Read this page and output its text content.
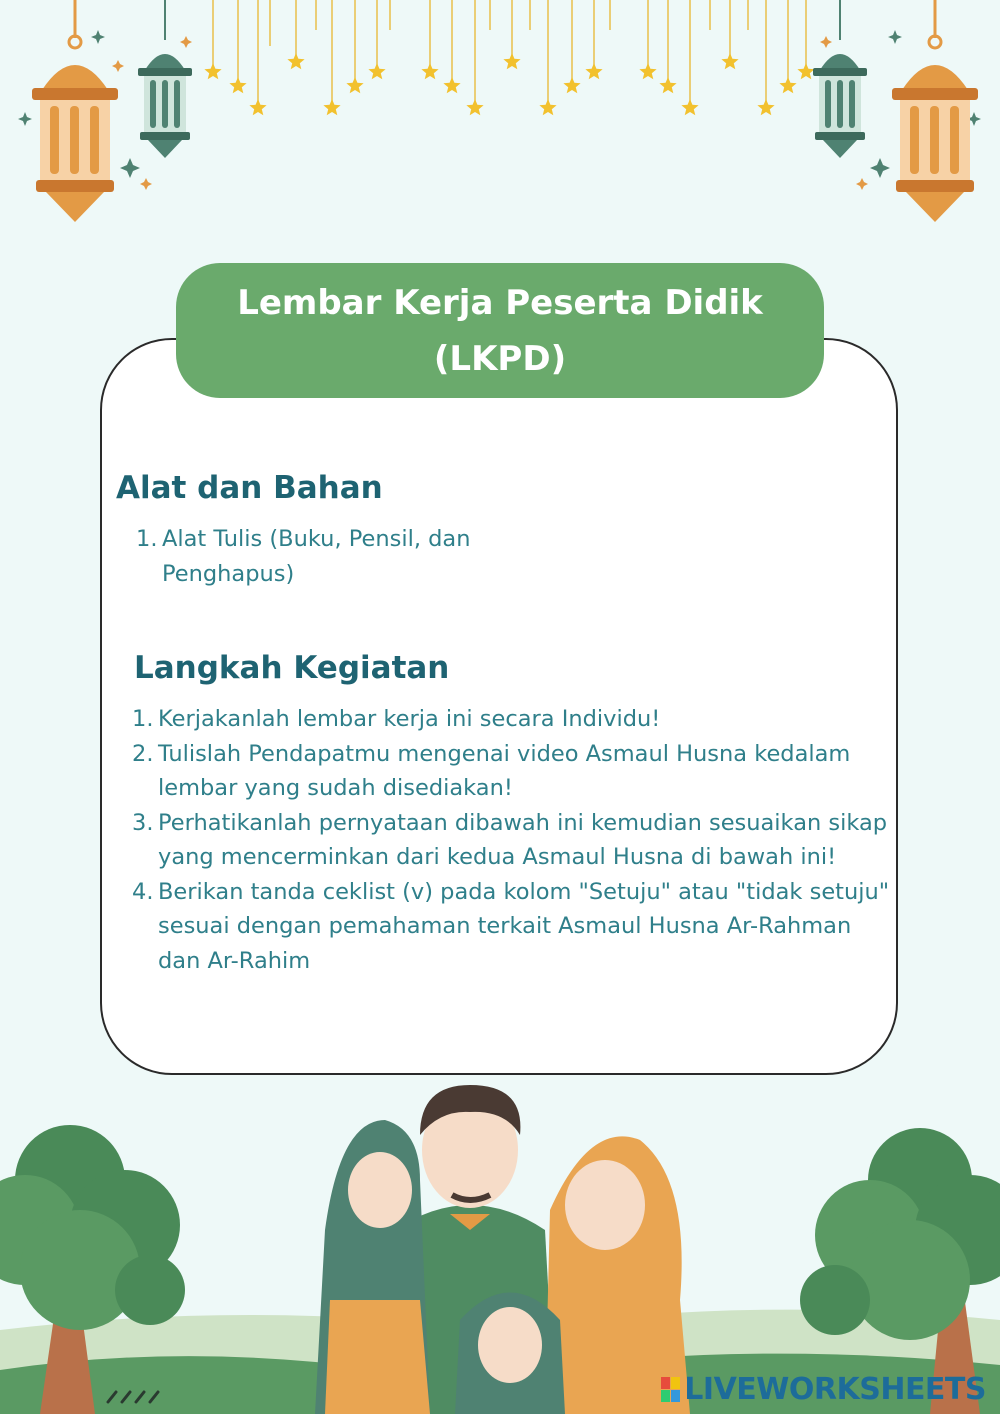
Lembar Kerja Peserta Didik
(LKPD)
Alat dan Bahan
1. Alat Tulis (Buku, Pensil, dan Penghapus)
Langkah Kegiatan
1. Kerjakanlah lembar kerja ini secara Individu!
2. Tulislah Pendapatmu mengenai video Asmaul Husna kedalam lembar yang sudah disediakan!
3. Perhatikanlah pernyataan dibawah ini kemudian sesuaikan sikap yang mencerminkan dari kedua Asmaul Husna di bawah ini!
4. Berikan tanda ceklist (v) pada kolom "Setuju" atau "tidak setuju" sesuai dengan pemahaman terkait Asmaul Husna Ar-Rahman dan Ar-Rahim
LIVEWORKSHEETS
